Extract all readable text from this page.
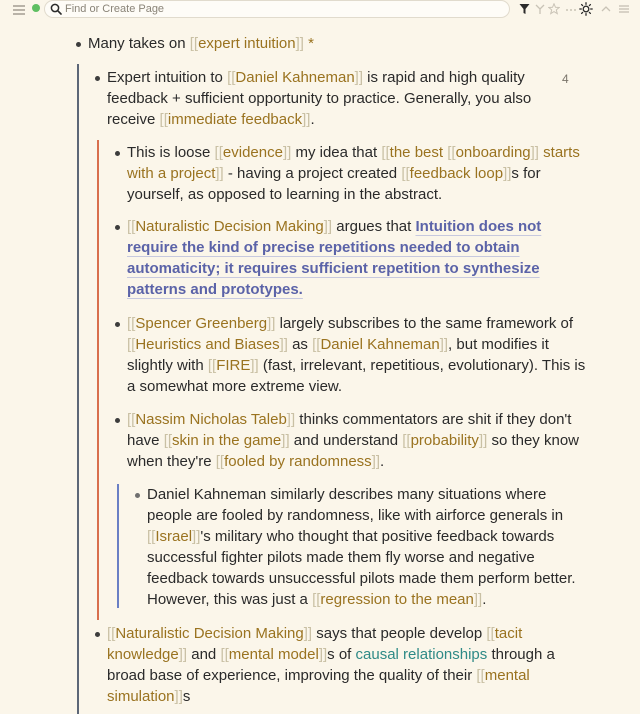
Find or Create Page
Many takes on [[expert intuition]] *
Expert intuition to [[Daniel Kahneman]] is rapid and high quality feedback + sufficient opportunity to practice. Generally, you also receive [[immediate feedback]].
4
This is loose [[evidence]] my idea that [[the best [[onboarding]] starts with a project]] - having a project created [[feedback loop]]s for yourself, as opposed to learning in the abstract.
[[Naturalistic Decision Making]] argues that Intuition does not require the kind of precise repetitions needed to obtain automaticity; it requires sufficient repetition to synthesize patterns and prototypes.
[[Spencer Greenberg]] largely subscribes to the same framework of [[Heuristics and Biases]] as [[Daniel Kahneman]], but modifies it slightly with [[FIRE]] (fast, irrelevant, repetitious, evolutionary). This is a somewhat more extreme view.
[[Nassim Nicholas Taleb]] thinks commentators are shit if they don't have [[skin in the game]] and understand [[probability]] so they know when they're [[fooled by randomness]].
Daniel Kahneman similarly describes many situations where people are fooled by randomness, like with airforce generals in [[Israel]]'s military who thought that positive feedback towards successful fighter pilots made them fly worse and negative feedback towards unsuccessful pilots made them perform better. However, this was just a [[regression to the mean]].
[[Naturalistic Decision Making]] says that people develop [[tacit knowledge]] and [[mental model]]s of causal relationships through a broad base of experience, improving the quality of their [[mental simulation]]s
